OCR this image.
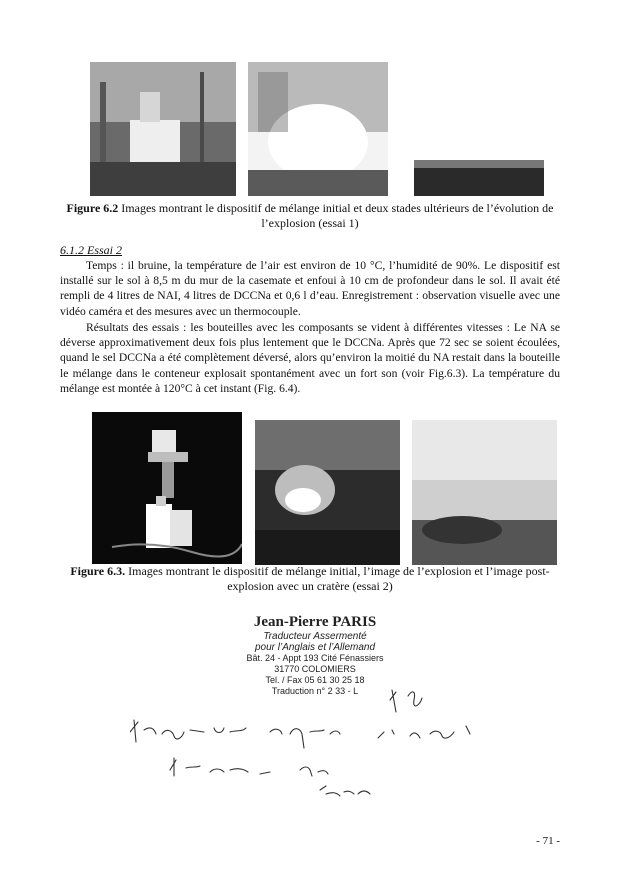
Figure 6.2 Images montrant le dispositif de mélange initial et deux stades ultérieurs de l’évolution de l’explosion (essai 1)
6.1.2 Essai 2

Temps : il bruine, la température de l’air est environ de 10 °C, l’humidité de 90%. Le dispositif est installé sur le sol à 8,5 m du mur de la casemate et enfoui à 10 cm de profondeur dans le sol. Il avait été rempli de 4 litres de NAI, 4 litres de DCCNa et 0,6 l d’eau. Enregistrement : observation visuelle avec une vidéo caméra et des mesures avec un thermocouple.

Résultats des essais : les bouteilles avec les composants se vident à différentes vitesses : Le NA se déverse approximativement deux fois plus lentement que le DCCNa. Après que 72 sec se soient écoulées, quand le sel DCCNa a été complètement déversé, alors qu’environ la moitié du NA restait dans la bouteille le mélange dans le conteneur explosait spontanément avec un fort son (voir Fig.6.3). La température du mélange est montée à 120°C à cet instant (Fig. 6.4).

Figure 6.3. Images montrant le dispositif de mélange initial, l’image de l’explosion et l’image post-explosion avec un cratère (essai 2)
Jean-Pierre PARIS
Traducteur Assermenté
pour l’Anglais et l’Allemand
Bât. 24 - Appt 193 Cité Fénassiers
31770 COLOMIERS
Tel. / Fax 05 61 30 25 18
Traduction n° 2 33 - L
- 71 -
